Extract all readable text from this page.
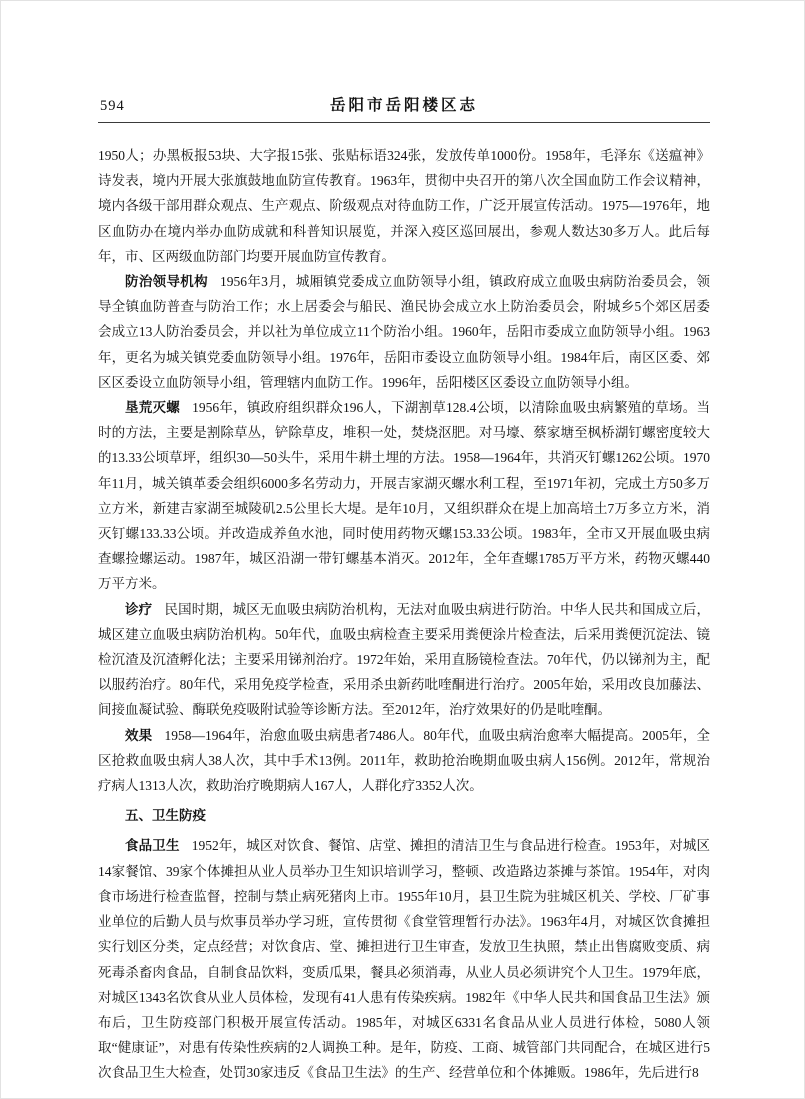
594	岳阳市岳阳楼区志

1950人；办黑板报53块、大字报15张、张贴标语324张，发放传单1000份。1958年，毛泽东《送瘟神》诗发表，境内开展大张旗鼓地血防宣传教育。1963年，贯彻中央召开的第八次全国血防工作会议精神，境内各级干部用群众观点、生产观点、阶级观点对待血防工作，广泛开展宣传活动。1975—1976年，地区血防办在境内举办血防成就和科普知识展览，并深入疫区巡回展出，参观人数达30多万人。此后每年，市、区两级血防部门均要开展血防宣传教育。

防治领导机构 1956年3月，城厢镇党委成立血防领导小组，镇政府成立血吸虫病防治委员会，领导全镇血防普查与防治工作；水上居委会与船民、渔民协会成立水上防治委员会，附城乡5个郊区居委会成立13人防治委员会，并以社为单位成立11个防治小组。1960年，岳阳市委成立血防领导小组。1963年，更名为城关镇党委血防领导小组。1976年，岳阳市委设立血防领导小组。1984年后，南区区委、郊区区委设立血防领导小组，管理辖内血防工作。1996年，岳阳楼区区委设立血防领导小组。

垦荒灭螺 1956年，镇政府组织群众196人，下湖割草128.4公顷，以清除血吸虫病繁殖的草场。当时的方法，主要是割除草丛，铲除草皮，堆积一处，焚烧沤肥。对马壕、蔡家塘至枫桥湖钉螺密度较大的13.33公顷草坪，组织30—50头牛，采用牛耕土埋的方法。1958—1964年，共消灭钉螺1262公顷。1970年11月，城关镇革委会组织6000多名劳动力，开展吉家湖灭螺水利工程，至1971年初，完成土方50多万立方米，新建吉家湖至城陵矶2.5公里长大堤。是年10月，又组织群众在堤上加高培土7万多立方米，消灭钉螺133.33公顷。并改造成养鱼水池，同时使用药物灭螺153.33公顷。1983年，全市又开展血吸虫病查螺捡螺运动。1987年，城区沿湖一带钉螺基本消灭。2012年，全年查螺1785万平方米，药物灭螺440万平方米。

诊疗 民国时期，城区无血吸虫病防治机构，无法对血吸虫病进行防治。中华人民共和国成立后，城区建立血吸虫病防治机构。50年代，血吸虫病检查主要采用粪便涂片检查法，后采用粪便沉淀法、镜检沉渣及沉渣孵化法；主要采用锑剂治疗。1972年始，采用直肠镜检查法。70年代，仍以锑剂为主，配以服药治疗。80年代，采用免疫学检查，采用杀虫新药吡喹酮进行治疗。2005年始，采用改良加藤法、间接血凝试验、酶联免疫吸附试验等诊断方法。至2012年，治疗效果好的仍是吡喹酮。

效果 1958—1964年，治愈血吸虫病患者7486人。80年代，血吸虫病治愈率大幅提高。2005年，全区抢救血吸虫病人38人次，其中手术13例。2011年，救助抢治晚期血吸虫病人156例。2012年，常规治疗病人1313人次，救助治疗晚期病人167人，人群化疗3352人次。

五、卫生防疫

食品卫生 1952年，城区对饮食、餐馆、店堂、摊担的清洁卫生与食品进行检查。1953年，对城区14家餐馆、39家个体摊担从业人员举办卫生知识培训学习，整顿、改造路边茶摊与茶馆。1954年，对肉食市场进行检查监督，控制与禁止病死猪肉上市。1955年10月，县卫生院为驻城区机关、学校、厂矿事业单位的后勤人员与炊事员举办学习班，宣传贯彻《食堂管理暂行办法》。1963年4月，对城区饮食摊担实行划区分类，定点经营；对饮食店、堂、摊担进行卫生审查，发放卫生执照，禁止出售腐败变质、病死毒杀畜肉食品，自制食品饮料，变质瓜果，餐具必须消毒，从业人员必须讲究个人卫生。1979年底，对城区1343名饮食从业人员体检，发现有41人患有传染疾病。1982年《中华人民共和国食品卫生法》颁布后，卫生防疫部门积极开展宣传活动。1985年，对城区6331名食品从业人员进行体检，5080人领取“健康证”，对患有传染性疾病的2人调换工种。是年，防疫、工商、城管部门共同配合，在城区进行5次食品卫生大检查，处罚30家违反《食品卫生法》的生产、经营单位和个体摊贩。1986年，先后进行8
